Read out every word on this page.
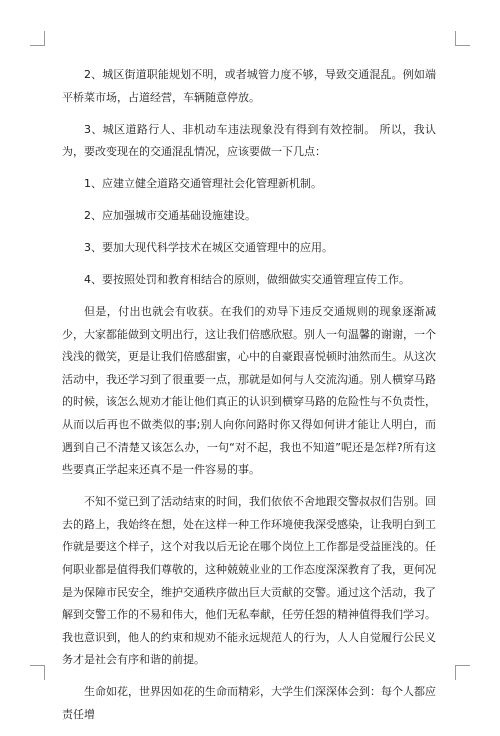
2、城区街道职能规划不明，或者城管力度不够，导致交通混乱。例如端平桥菜市场，占道经营，车辆随意停放。

3、城区道路行人、非机动车违法现象没有得到有效控制。 所以，我认为，要改变现在的交通混乱情况，应该要做一下几点：

1、应建立健全道路交通管理社会化管理新机制。

2、应加强城市交通基础设施建设。

3、要加大现代科学技术在城区交通管理中的应用。

4、要按照处罚和教育相结合的原则，做细做实交通管理宣传工作。

但是，付出也就会有收获。在我们的劝导下违反交通规则的现象逐渐减少，大家都能做到文明出行，这让我们倍感欣慰。别人一句温馨的谢谢，一个浅浅的微笑，更是让我们倍感甜蜜，心中的自豪跟喜悦顿时油然而生。从这次活动中，我还学习到了很重要一点，那就是如何与人交流沟通。别人横穿马路的时候，该怎么规劝才能让他们真正的认识到横穿马路的危险性与不负责性，从而以后再也不做类似的事;别人向你问路时你又得如何讲才能让人明白，而遇到自己不清楚又该怎么办，一句“对不起，我也不知道”呢还是怎样?所有这些要真正学起来还真不是一件容易的事。

不知不觉已到了活动结束的时间，我们依依不舍地跟交警叔叔们告别。回去的路上，我始终在想，处在这样一种工作环境使我深受感染，让我明白到工作就是要这个样子，这个对我以后无论在哪个岗位上工作都是受益匪浅的。任何职业都是值得我们尊敬的，这种兢兢业业的工作态度深深教育了我，更何况是为保障市民安全，维护交通秩序做出巨大贡献的交警。通过这个活动，我了解到交警工作的不易和伟大，他们无私奉献，任劳任怨的精神值得我们学习。我也意识到，他人的约束和规劝不能永远规范人的行为，人人自觉履行公民义务才是社会有序和谐的前提。

生命如花，世界因如花的生命而精彩，大学生们深深体会到：每个人都应责任增
